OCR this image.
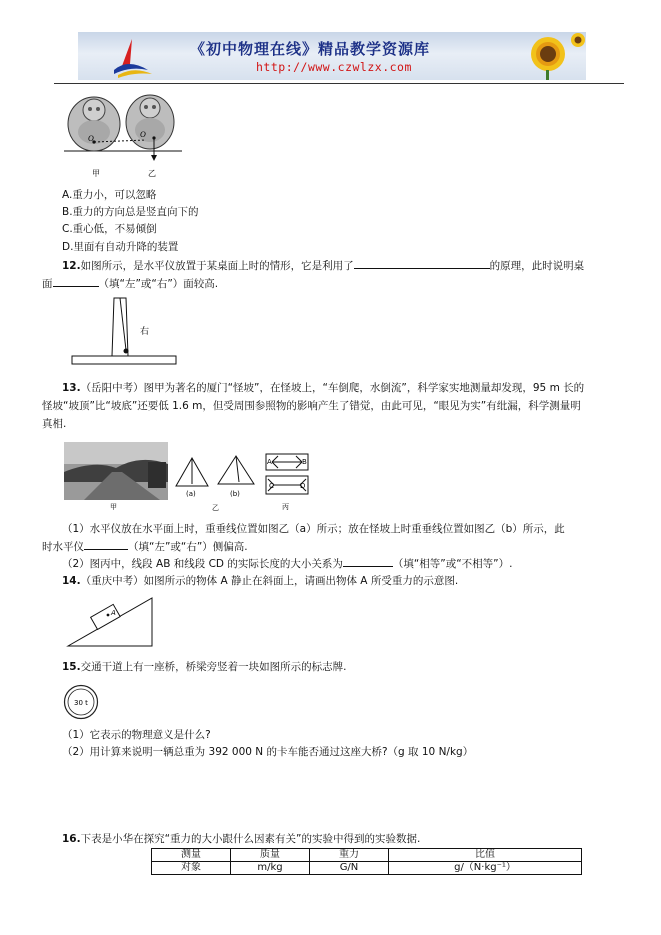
《初中物理在线》精品教学资源库
http://www.czwlzx.com
O	O
甲	乙
A.重力小，可以忽略
B.重力的方向总是竖直向下的
C.重心低，不易倾倒
D.里面有自动升降的装置
12.如图所示，是水平仪放置于某桌面上时的情形，它是利用了	的原理，此时说明桌
面	（填“左”或“右”）面较高.
右
13.（岳阳中考）图甲为著名的厦门“怪坡”，在怪坡上，“车倒爬，水倒流”，科学家实地测量却发现，95 m 长的
怪坡“坡顶”比“坡底”还要低 1.6 m，但受周围参照物的影响产生了错觉，由此可见，“眼见为实”有纰漏，科学测量明
真相.
甲
(a)	(b)
乙
A	B
C	D
丙
（1）水平仪放在水平面上时，重垂线位置如图乙（a）所示；放在怪坡上时重垂线位置如图乙（b）所示，此
时水平仪	（填“左”或“右”）侧偏高.
（2）图丙中，线段 AB 和线段 CD 的实际长度的大小关系为	（填“相等”或“不相等”）.
14.（重庆中考）如图所示的物体 A 静止在斜面上，请画出物体 A 所受重力的示意图.
A
15.交通干道上有一座桥，桥梁旁竖着一块如图所示的标志牌.
30 t
（1）它表示的物理意义是什么?
（2）用计算来说明一辆总重为 392 000 N 的卡车能否通过这座大桥?（g 取 10 N/kg）
16.下表是小华在探究“重力的大小跟什么因素有关”的实验中得到的实验数据.
测量	质量	重力	比值
对象	m/kg	G/N	g/（N·kg⁻¹）
